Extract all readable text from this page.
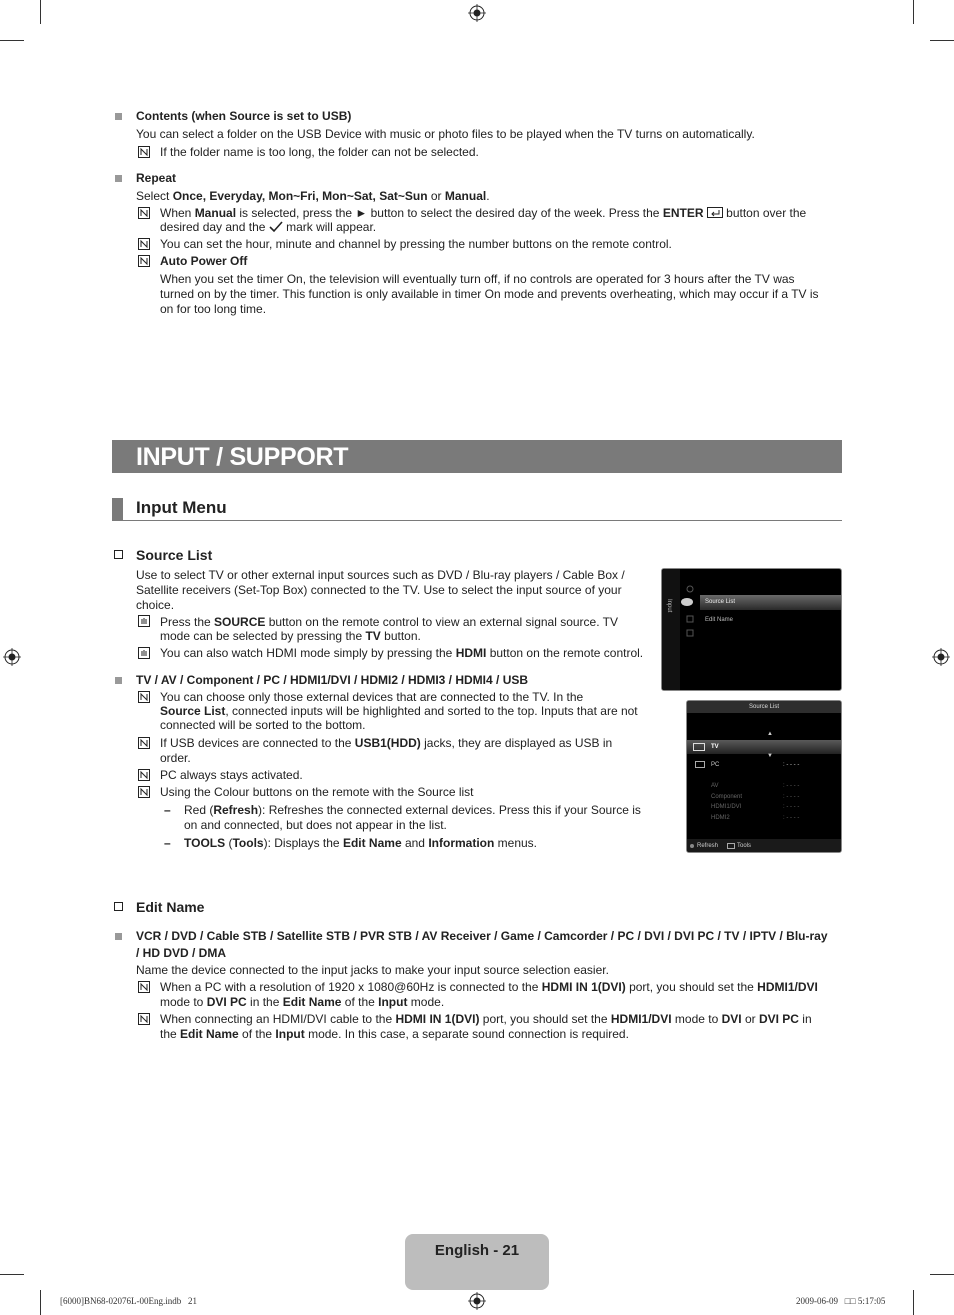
Contents (when Source is set to USB)
You can select a folder on the USB Device with music or photo files to be played when the TV turns on automatically.
If the folder name is too long, the folder can not be selected.
Repeat
Select Once, Everyday, Mon~Fri, Mon~Sat, Sat~Sun or Manual.
When Manual is selected, press the ► button to select the desired day of the week. Press the ENTER  button over the
desired day and the  mark will appear.
You can set the hour, minute and channel by pressing the number buttons on the remote control.
Auto Power Off
When you set the timer On, the television will eventually turn off, if no controls are operated for 3 hours after the TV was
turned on by the timer. This function is only available in timer On mode and prevents overheating, which may occur if a TV is
on for too long time.
INPUT / SUPPORT
Input Menu
Source List
Use to select TV or other external input sources such as DVD / Blu-ray players / Cable Box /
Satellite receivers (Set-Top Box) connected to the TV. Use to select the input source of your
choice.
Press the SOURCE button on the remote control to view an external signal source. TV
mode can be selected by pressing the TV button.
You can also watch HDMI mode simply by pressing the HDMI button on the remote control.
TV / AV / Component / PC / HDMI1/DVI / HDMI2 / HDMI3 / HDMI4 / USB
You can choose only those external devices that are connected to the TV. In the
Source List, connected inputs will be highlighted and sorted to the top. Inputs that are not
connected will be sorted to the bottom.
If USB devices are connected to the USB1(HDD) jacks, they are displayed as USB in
order.
PC always stays activated.
Using the Colour buttons on the remote with the Source list
– Red (Refresh): Refreshes the connected external devices. Press this if your Source is
on and connected, but does not appear in the list.
– TOOLS (Tools): Displays the Edit Name and Information menus.
Input	Source List
Edit Name
Source List
▲
TV
▼
PC	: - - - -
AV	: - - - -
Component	: - - - -
HDMI1/DVI	: - - - -
HDMI2	: - - - -
Refresh	Tools
Edit Name
VCR / DVD / Cable STB / Satellite STB / PVR STB / AV Receiver / Game / Camcorder / PC / DVI / DVI PC / TV / IPTV / Blu-ray
/ HD DVD / DMA
Name the device connected to the input jacks to make your input source selection easier.
When a PC with a resolution of 1920 x 1080@60Hz is connected to the HDMI IN 1(DVI) port, you should set the HDMI1/DVI
mode to DVI PC in the Edit Name of the Input mode.
When connecting an HDMI/DVI cable to the HDMI IN 1(DVI) port, you should set the HDMI1/DVI mode to DVI or DVI PC in
the Edit Name of the Input mode. In this case, a separate sound connection is required.
English - 21
[6000]BN68-02076L-00Eng.indb   21	2009-06-09   □□ 5:17:05
